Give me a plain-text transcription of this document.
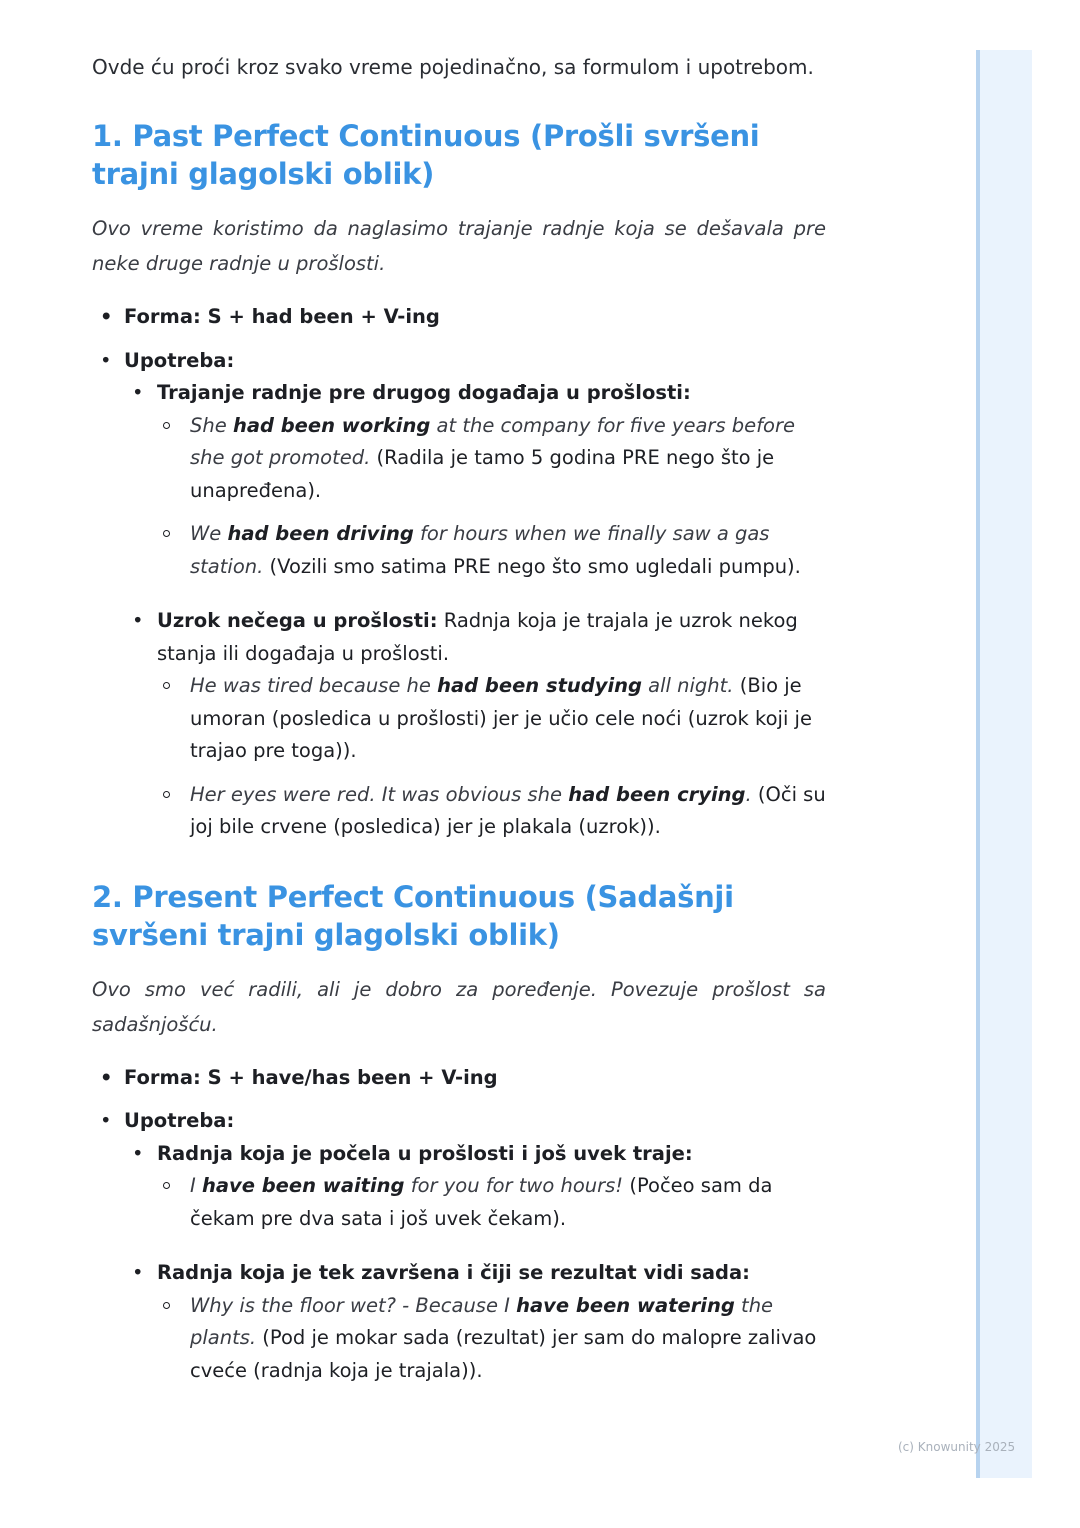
Ovde ću proći kroz svako vreme pojedinačno, sa formulom i upotrebom.

1. Past Perfect Continuous (Prošli svršeni trajni glagolski oblik)

Ovo vreme koristimo da naglasimo trajanje radnje koja se dešavala pre neke druge radnje u prošlosti.

• Forma: S + had been + V-ing
• Upotreba:
• Trajanje radnje pre drugog događaja u prošlosti:
She had been working at the company for five years before she got promoted. (Radila je tamo 5 godina PRE nego što je unapređena).
We had been driving for hours when we finally saw a gas station. (Vozili smo satima PRE nego što smo ugledali pumpu).
• Uzrok nečega u prošlosti: Radnja koja je trajala je uzrok nekog stanja ili događaja u prošlosti.
He was tired because he had been studying all night. (Bio je umoran (posledica u prošlosti) jer je učio cele noći (uzrok koji je trajao pre toga)).
Her eyes were red. It was obvious she had been crying. (Oči su joj bile crvene (posledica) jer je plakala (uzrok)).
2. Present Perfect Continuous (Sadašnji svršeni trajni glagolski oblik)

Ovo smo već radili, ali je dobro za poređenje. Povezuje prošlost sa sadašnjošću.

• Forma: S + have/has been + V-ing
• Upotreba:
• Radnja koja je počela u prošlosti i još uvek traje:
I have been waiting for you for two hours! (Počeo sam da čekam pre dva sata i još uvek čekam).
• Radnja koja je tek završena i čiji se rezultat vidi sada:
Why is the floor wet? - Because I have been watering the plants. (Pod je mokar sada (rezultat) jer sam do malopre zalivao cveće (radnja koja je trajala)).
(c) Knowunity 2025
